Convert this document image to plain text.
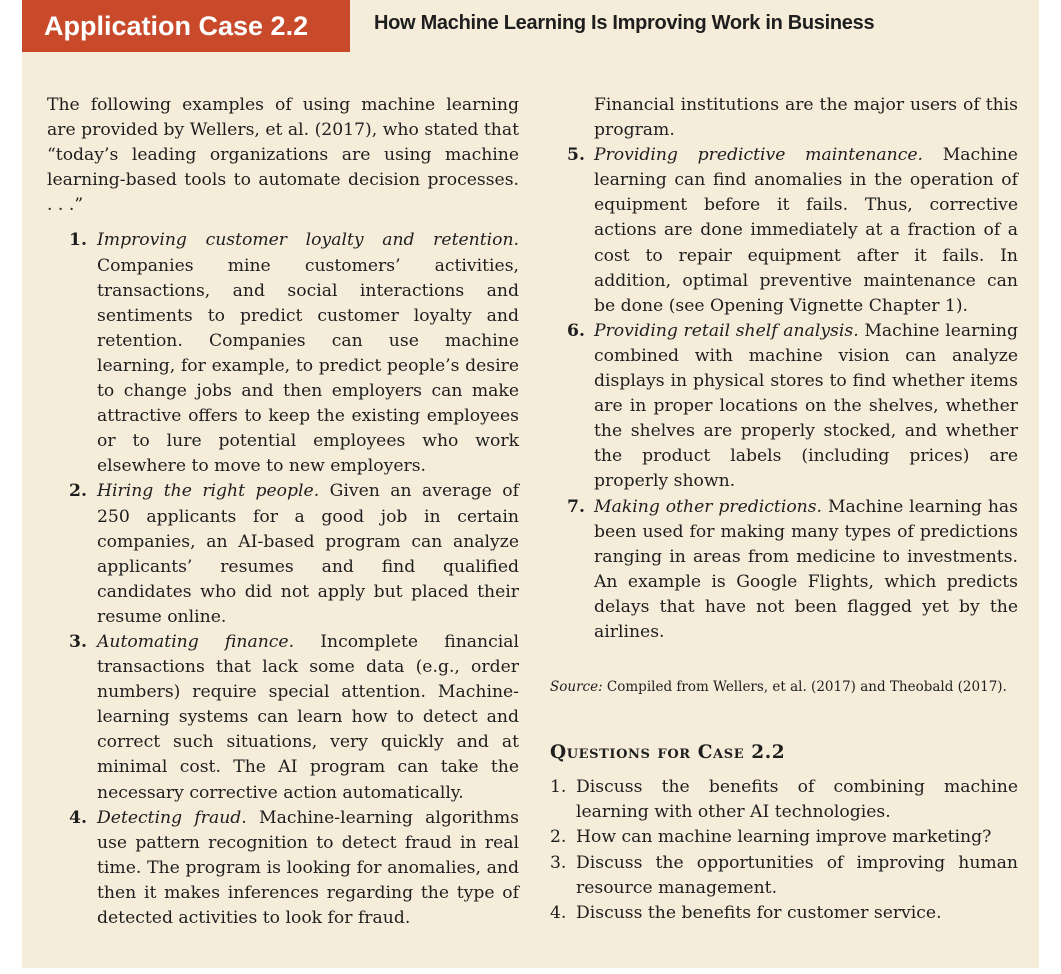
Application Case 2.2	How Machine Learning Is Improving Work in Business

The following examples of using machine learning are provided by Wellers, et al. (2017), who stated that “today’s leading organizations are using machine learning-based tools to automate decision processes. . . .”

1. Improving customer loyalty and retention. Companies mine customers’ activities, transactions, and social interactions and sentiments to predict customer loyalty and retention. Companies can use machine learning, for example, to predict people’s desire to change jobs and then employers can make attractive offers to keep the existing employees or to lure potential employees who work elsewhere to move to new employers.
2. Hiring the right people. Given an average of 250 applicants for a good job in certain companies, an AI-based program can analyze applicants’ resumes and find qualified candidates who did not apply but placed their resume online.
3. Automating finance. Incomplete financial transactions that lack some data (e.g., order numbers) require special attention. Machine-learning systems can learn how to detect and correct such situations, very quickly and at minimal cost. The AI program can take the necessary corrective action automatically.
4. Detecting fraud. Machine-learning algorithms use pattern recognition to detect fraud in real time. The program is looking for anomalies, and then it makes inferences regarding the type of detected activities to look for fraud.

Financial institutions are the major users of this program.

5. Providing predictive maintenance. Machine learning can find anomalies in the operation of equipment before it fails. Thus, corrective actions are done immediately at a fraction of a cost to repair equipment after it fails. In addition, optimal preventive maintenance can be done (see Opening Vignette Chapter 1).
6. Providing retail shelf analysis. Machine learning combined with machine vision can analyze displays in physical stores to find whether items are in proper locations on the shelves, whether the shelves are properly stocked, and whether the product labels (including prices) are properly shown.
7. Making other predictions. Machine learning has been used for making many types of predictions ranging in areas from medicine to investments. An example is Google Flights, which predicts delays that have not been flagged yet by the airlines.

Source: Compiled from Wellers, et al. (2017) and Theobald (2017).

Questions for Case 2.2
1. Discuss the benefits of combining machine learning with other AI technologies.
2. How can machine learning improve marketing?
3. Discuss the opportunities of improving human resource management.
4. Discuss the benefits for customer service.
